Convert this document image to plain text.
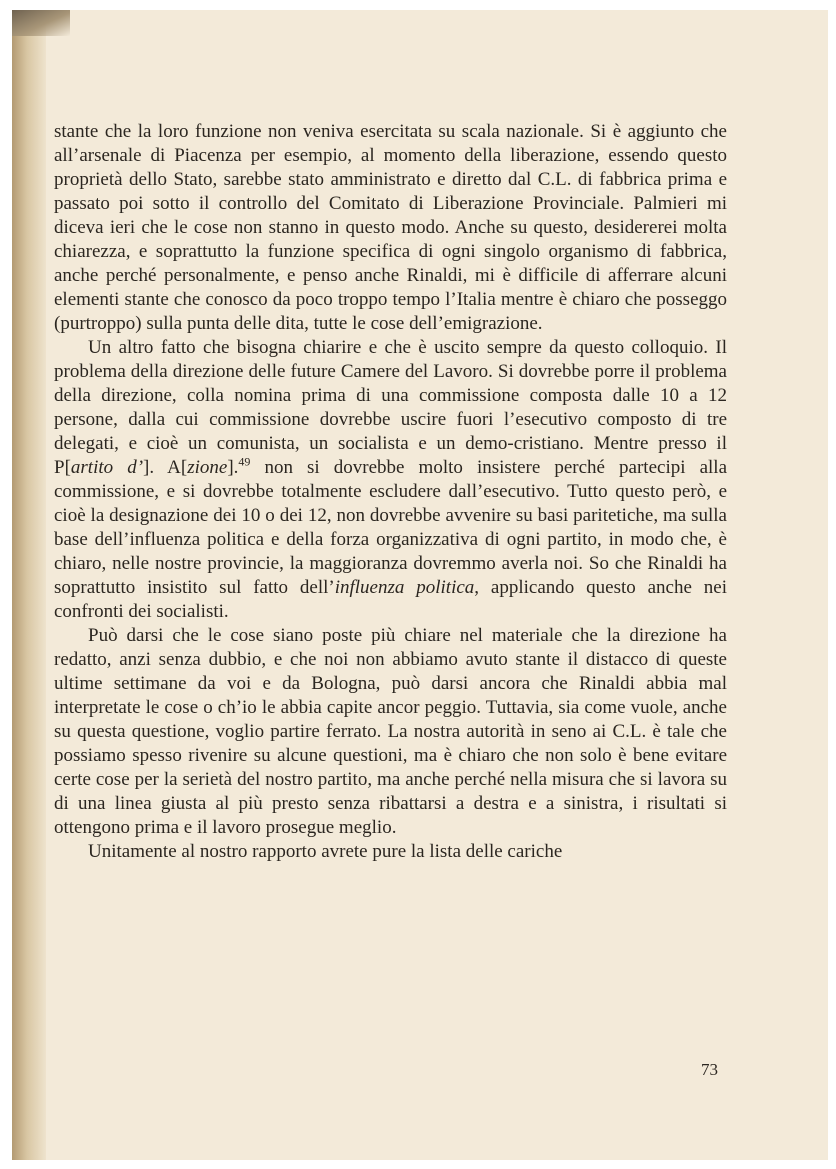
stante che la loro funzione non veniva esercitata su scala nazionale. Si è aggiunto che all’arsenale di Piacenza per esempio, al momento della liberazione, essendo questo proprietà dello Stato, sarebbe stato amministrato e diretto dal C.L. di fabbrica prima e passato poi sotto il controllo del Comitato di Liberazione Provinciale. Palmieri mi diceva ieri che le cose non stanno in questo modo. Anche su questo, desidererei molta chiarezza, e soprattutto la funzione specifica di ogni singolo organismo di fabbrica, anche perché personalmente, e penso anche Rinaldi, mi è difficile di afferrare alcuni elementi stante che conosco da poco troppo tempo l’Italia mentre è chiaro che posseggo (purtroppo) sulla punta delle dita, tutte le cose dell’emigrazione.

Un altro fatto che bisogna chiarire e che è uscito sempre da questo colloquio. Il problema della direzione delle future Camere del Lavoro. Si dovrebbe porre il problema della direzione, colla nomina prima di una commissione composta dalle 10 a 12 persone, dalla cui commissione dovrebbe uscire fuori l’esecutivo composto di tre delegati, e cioè un comunista, un socialista e un demo-cristiano. Mentre presso il P[artito d’]. A[zione].$^{49}$ non si dovrebbe molto insistere perché partecipi alla commissione, e si dovrebbe totalmente escludere dall’esecutivo. Tutto questo però, e cioè la designazione dei 10 o dei 12, non dovrebbe avvenire su basi paritetiche, ma sulla base dell’influenza politica e della forza organizzativa di ogni partito, in modo che, è chiaro, nelle nostre provincie, la maggioranza dovremmo averla noi. So che Rinaldi ha soprattutto insistito sul fatto dell’influenza politica, applicando questo anche nei confronti dei socialisti.

Può darsi che le cose siano poste più chiare nel materiale che la direzione ha redatto, anzi senza dubbio, e che noi non abbiamo avuto stante il distacco di queste ultime settimane da voi e da Bologna, può darsi ancora che Rinaldi abbia mal interpretate le cose o ch’io le abbia capite ancor peggio. Tuttavia, sia come vuole, anche su questa questione, voglio partire ferrato. La nostra autorità in seno ai C.L. è tale che possiamo spesso rivenire su alcune questioni, ma è chiaro che non solo è bene evitare certe cose per la serietà del nostro partito, ma anche perché nella misura che si lavora su di una linea giusta al più presto senza ribattarsi a destra e a sinistra, i risultati si ottengono prima e il lavoro prosegue meglio.

Unitamente al nostro rapporto avrete pure la lista delle cariche

73
